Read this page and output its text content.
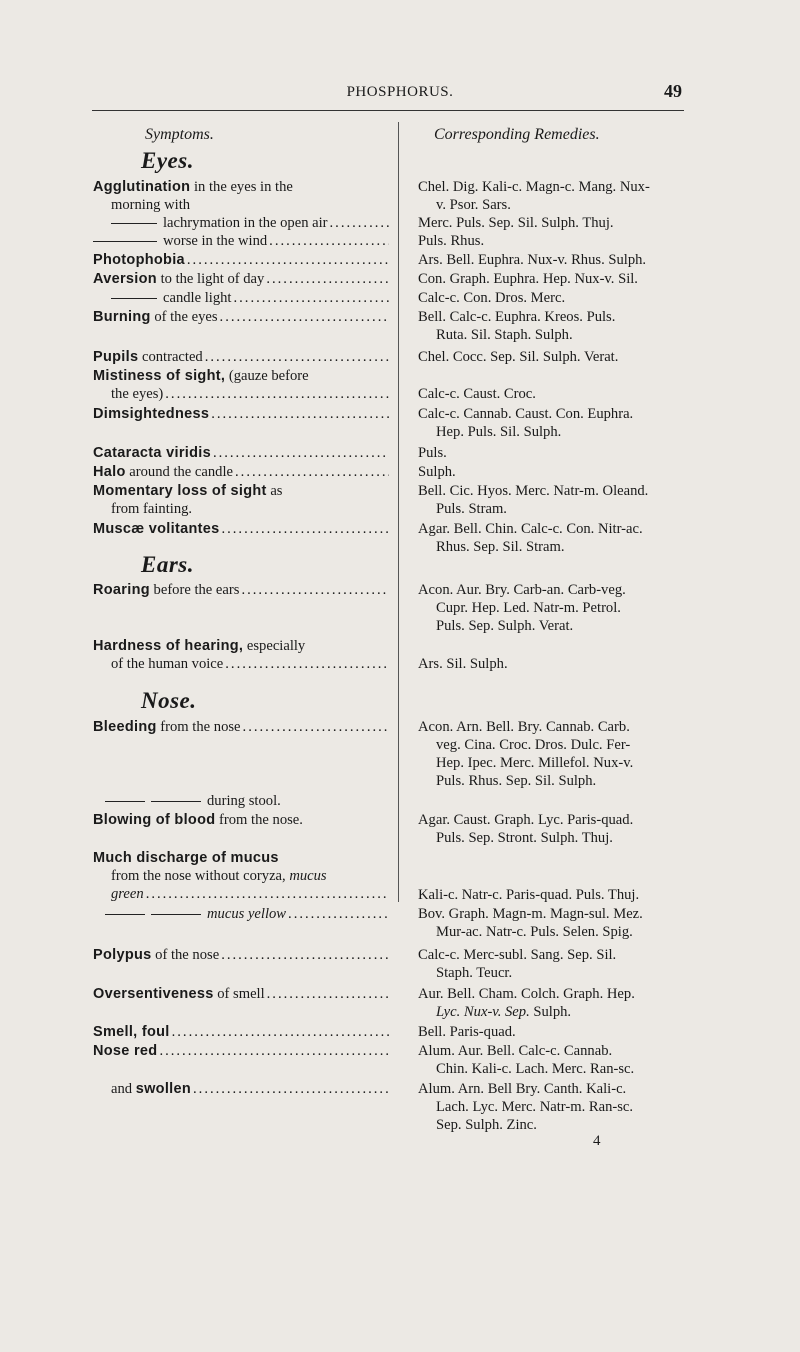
PHOSPHORUS.	49
Symptoms.	Corresponding Remedies.
Eyes.
Agglutination in the eyes in the
morning with
lachrymation in the open air
.....
worse in the wind
.....
Photophobia
.....
Aversion to the light of day
.....
candle light
.....
Burning of the eyes
.....
Pupils contracted
.....
Mistiness of sight, (gauze before
the eyes)
.....
Dimsightedness
.....
Cataracta viridis
.....
Halo around the candle
.....
Momentary loss of sight as
from fainting.
Muscæ volitantes
.....
Ears.
Roaring before the ears
.....
Hardness of hearing, especially
of the human voice
.....
Nose.
Bleeding from the nose
.....
during stool.
Blowing of blood from the nose.
Much discharge of mucus
from the nose without coryza, mucus
green
.....
mucus yellow
.....
Polypus of the nose
.....
Oversentiveness of smell
.....
Smell, foul
.....
Nose red
.....
and swollen
.....
Chel. Dig. Kali-c. Magn-c. Mang. Nux-
v. Psor. Sars.
Merc. Puls. Sep. Sil. Sulph. Thuj.
Puls. Rhus.
Ars. Bell. Euphra. Nux-v. Rhus. Sulph.
Con. Graph. Euphra. Hep. Nux-v. Sil.
Calc-c. Con. Dros. Merc.
Bell. Calc-c. Euphra. Kreos. Puls.
Ruta. Sil. Staph. Sulph.
Chel. Cocc. Sep. Sil. Sulph. Verat.
Calc-c. Caust. Croc.
Calc-c. Cannab. Caust. Con. Euphra.
Hep. Puls. Sil. Sulph.
Puls.
Sulph.
Bell. Cic. Hyos. Merc. Natr-m. Oleand.
Puls. Stram.
Agar. Bell. Chin. Calc-c. Con. Nitr-ac.
Rhus. Sep. Sil. Stram.
Acon. Aur. Bry. Carb-an. Carb-veg.
Cupr. Hep. Led. Natr-m. Petrol.
Puls. Sep. Sulph. Verat.
Ars. Sil. Sulph.
Acon. Arn. Bell. Bry. Cannab. Carb.
veg. Cina. Croc. Dros. Dulc. Fer-
Hep. Ipec. Merc. Millefol. Nux-v.
Puls. Rhus. Sep. Sil. Sulph.
Agar. Caust. Graph. Lyc. Paris-quad.
Puls. Sep. Stront. Sulph. Thuj.
Kali-c. Natr-c. Paris-quad. Puls. Thuj.
Bov. Graph. Magn-m. Magn-sul. Mez.
Mur-ac. Natr-c. Puls. Selen. Spig.
Calc-c. Merc-subl. Sang. Sep. Sil.
Staph. Teucr.
Aur. Bell. Cham. Colch. Graph. Hep.
Lyc. Nux-v. Sep. Sulph.
Bell. Paris-quad.
Alum. Aur. Bell. Calc-c. Cannab.
Chin. Kali-c. Lach. Merc. Ran-sc.
Alum. Arn. Bell Bry. Canth. Kali-c.
Lach. Lyc. Merc. Natr-m. Ran-sc.
Sep. Sulph. Zinc.
4
